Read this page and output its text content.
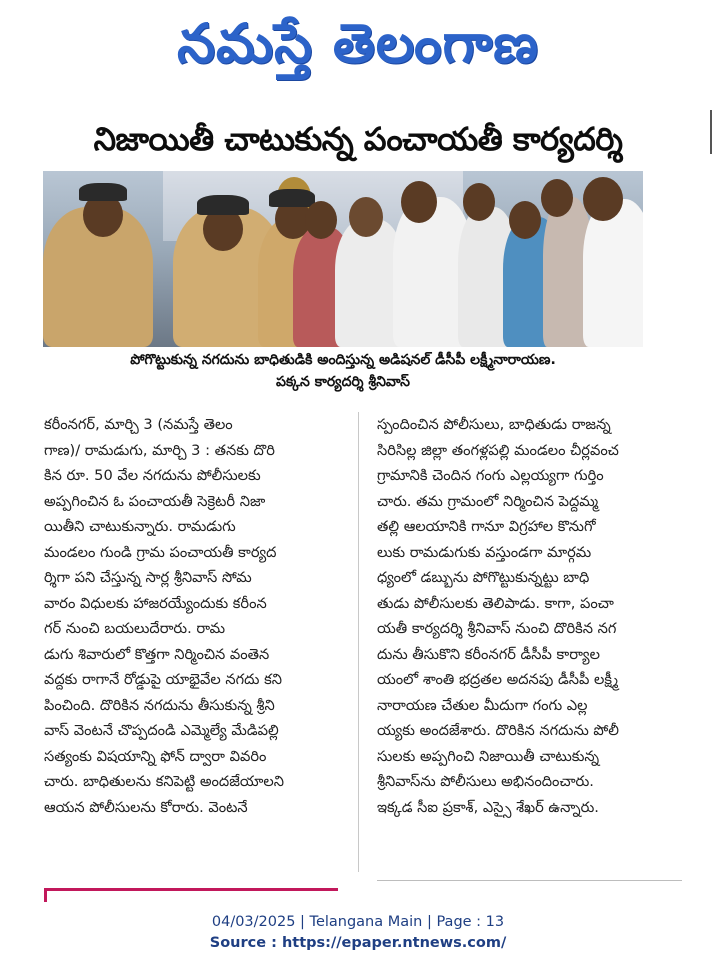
నమస్తే తెలంగాణ
నిజాయితీ చాటుకున్న పంచాయతీ కార్యదర్శి
పోగొట్టుకున్న నగదును బాధితుడికి అందిస్తున్న అడిషనల్ డీసీపీ లక్ష్మీనారాయణ.
పక్కన కార్యదర్శి శ్రీనివాస్
కరీంనగర్, మార్చి 3 (నమస్తే తెలం
గాణ)/ రామడుగు, మార్చి 3 : తనకు దొరి
కిన రూ. 50 వేల నగదును పోలీసులకు
అప్పగించిన ఓ పంచాయతీ సెక్రెటరీ నిజా
యితీని చాటుకున్నారు. రామడుగు
మండలం గుండి గ్రామ పంచాయతీ కార్యద
ర్శిగా పని చేస్తున్న సార్ల శ్రీనివాస్ సోమ
వారం విధులకు హాజరయ్యేందుకు కరీంన
గర్ నుంచి బయలుదేరారు. రామ
డుగు శివారులో కొత్తగా నిర్మించిన వంతెన
వద్దకు రాగానే రోడ్డుపై యాభైవేల నగదు కని
పించింది. దొరికిన నగదును తీసుకున్న శ్రీని
వాస్ వెంటనే చొప్పదండి ఎమ్మెల్యే మేడిపల్లి
సత్యంకు విషయాన్ని ఫోన్ ద్వారా వివరిం
చారు. బాధితులను కనిపెట్టి అందజేయాలని
ఆయన పోలీసులను కోరారు. వెంటనే
స్పందించిన పోలీసులు, బాధితుడు రాజన్న
సిరిసిల్ల జిల్లా తంగళ్లపల్లి మండలం చీర్లవంచ
గ్రామానికి చెందిన గంగు ఎల్లయ్యగా గుర్తిం
చారు. తమ గ్రామంలో నిర్మించిన పెద్దమ్మ
తల్లి ఆలయానికి గానూ విగ్రహాల కొనుగో
లుకు రామడుగుకు వస్తుండగా మార్గమ
ధ్యంలో డబ్బును పోగొట్టుకున్నట్టు బాధి
తుడు పోలీసులకు తెలిపాడు. కాగా, పంచా
యతీ కార్యదర్శి శ్రీనివాస్ నుంచి దొరికిన నగ
దును తీసుకొని కరీంనగర్ డీసీపీ కార్యాల
యంలో శాంతి భద్రతల అదనపు డీసీపీ లక్ష్మీ
నారాయణ చేతుల మీదుగా గంగు ఎల్ల
య్యకు అందజేశారు. దొరికిన నగదును పోలీ
సులకు అప్పగించి నిజాయితీ చాటుకున్న
శ్రీనివాస్‌ను పోలీసులు అభినందించారు.
ఇక్కడ సీఐ ప్రకాశ్, ఎస్సై శేఖర్ ఉన్నారు.
04/03/2025 | Telangana Main | Page : 13
Source : https://epaper.ntnews.com/
